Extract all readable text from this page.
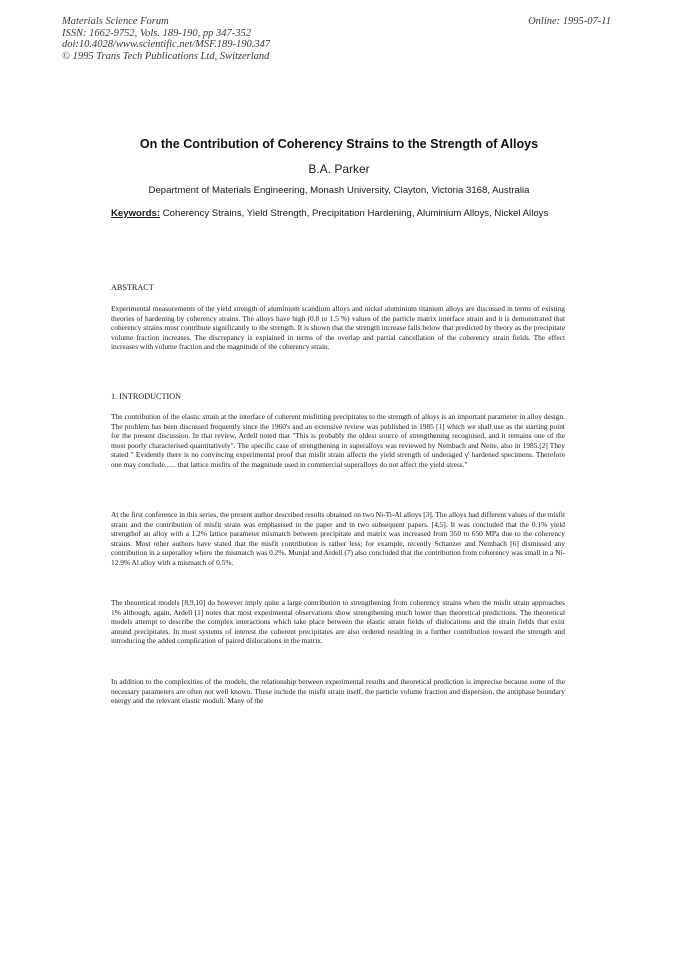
Materials Science Forum
ISSN: 1662-9752, Vols. 189-190, pp 347-352
doi:10.4028/www.scientific.net/MSF.189-190.347
© 1995 Trans Tech Publications Ltd, Switzerland
Online: 1995-07-11
On the Contribution of Coherency Strains to the Strength of Alloys
B.A. Parker
Department of Materials Engineering, Monash University, Clayton, Victoria 3168, Australia
Keywords: Coherency Strains, Yield Strength, Precipitation Hardening, Aluminium Alloys, Nickel Alloys
ABSTRACT
Experimental measurements of the yield strength of aluminium scandium alloys and nickel aluminium titanium alloys are discussed in terms of existing theories of hardening by coherency strains. The alloys have high (0.8 to 1.5 %) values of the particle matrix interface strain and it is demonstrated that coherency strains must contribute significantly to the strength. It is shown that the strength increase falls below that predicted by theory as the precipitate volume fraction increases. The discrepancy is explained in terms of the overlap and partial cancellation of the coherency strain fields. The effect increases with volume fraction and the magnitude of the coherency strain.
1. INTRODUCTION
The contribution of the elastic strain at the interface of coherent misfitting precipitates to the strength of alloys is an important parameter in alloy design. The problem has been discussed frequently since the 1960's and an extensive review was published in 1985 [1] which we shall use as the starting point for the present discussion. In that review, Ardell noted that "This is probably the oldest source of strengthening recognised, and it remains one of the most poorly characterised quantitatively". The specific case of strengthening in superalloys was reviewed by Nembach and Neite, also in 1985.[2] They stated " Evidently there is no convincing experimental proof that misfit strain affects the yield strength of underaged γ' hardened specimens. Therefore one may conclude...... that lattice misfits of the magnitude used in commercial superalloys do not affect the yield stress."
At the first conference in this series, the present author described results obtained on two Ni-Ti-Al alloys [3]. The alloys had different values of the misfit strain and the contribution of misfit strain was emphasised in the paper and in two subsequent papers. [4,5]. It was concluded that the 0.1% yield strengthof an alloy with a 1.2% lattice parameter mismatch between precipitate and matrix was increased from 350 to 650 MPa due to the coherency strains. Most other authors have stated that the misfit contribution is rather less; for example, recently Schanzer and Nembach [6] dismissed any contribution in a superalloy where the mismatch was 0.2%. Munjal and Ardell (7) also concluded that the contribution from coherency was small in a Ni-12.9% Al alloy with a mismatch of 0.5%.
The theoretical models [8,9,10] do however imply quite a large contribution to strengthening from coherency strains when the misfit strain approaches 1% although, again, Ardell [1] notes that most experimental observations show strengthening much lower than theoretical predictions. The theoretical models attempt to describe the complex interactions which take place between the elastic strain fields of dislocations and the strain fields that exist around precipitates. In most systems of interest the coherent precipitates are also ordered resulting in a further contribution toward the strength and introducing the added complication of paired dislocations in the matrix.
In addition to the complexities of the models, the relationship between experimental results and theoretical prediction is imprecise because some of the necessary parameters are often not well known. These include the misfit strain itself, the particle volume fraction and dispersion, the antiphase boundary energy and the relevant elastic moduli. Many of the
